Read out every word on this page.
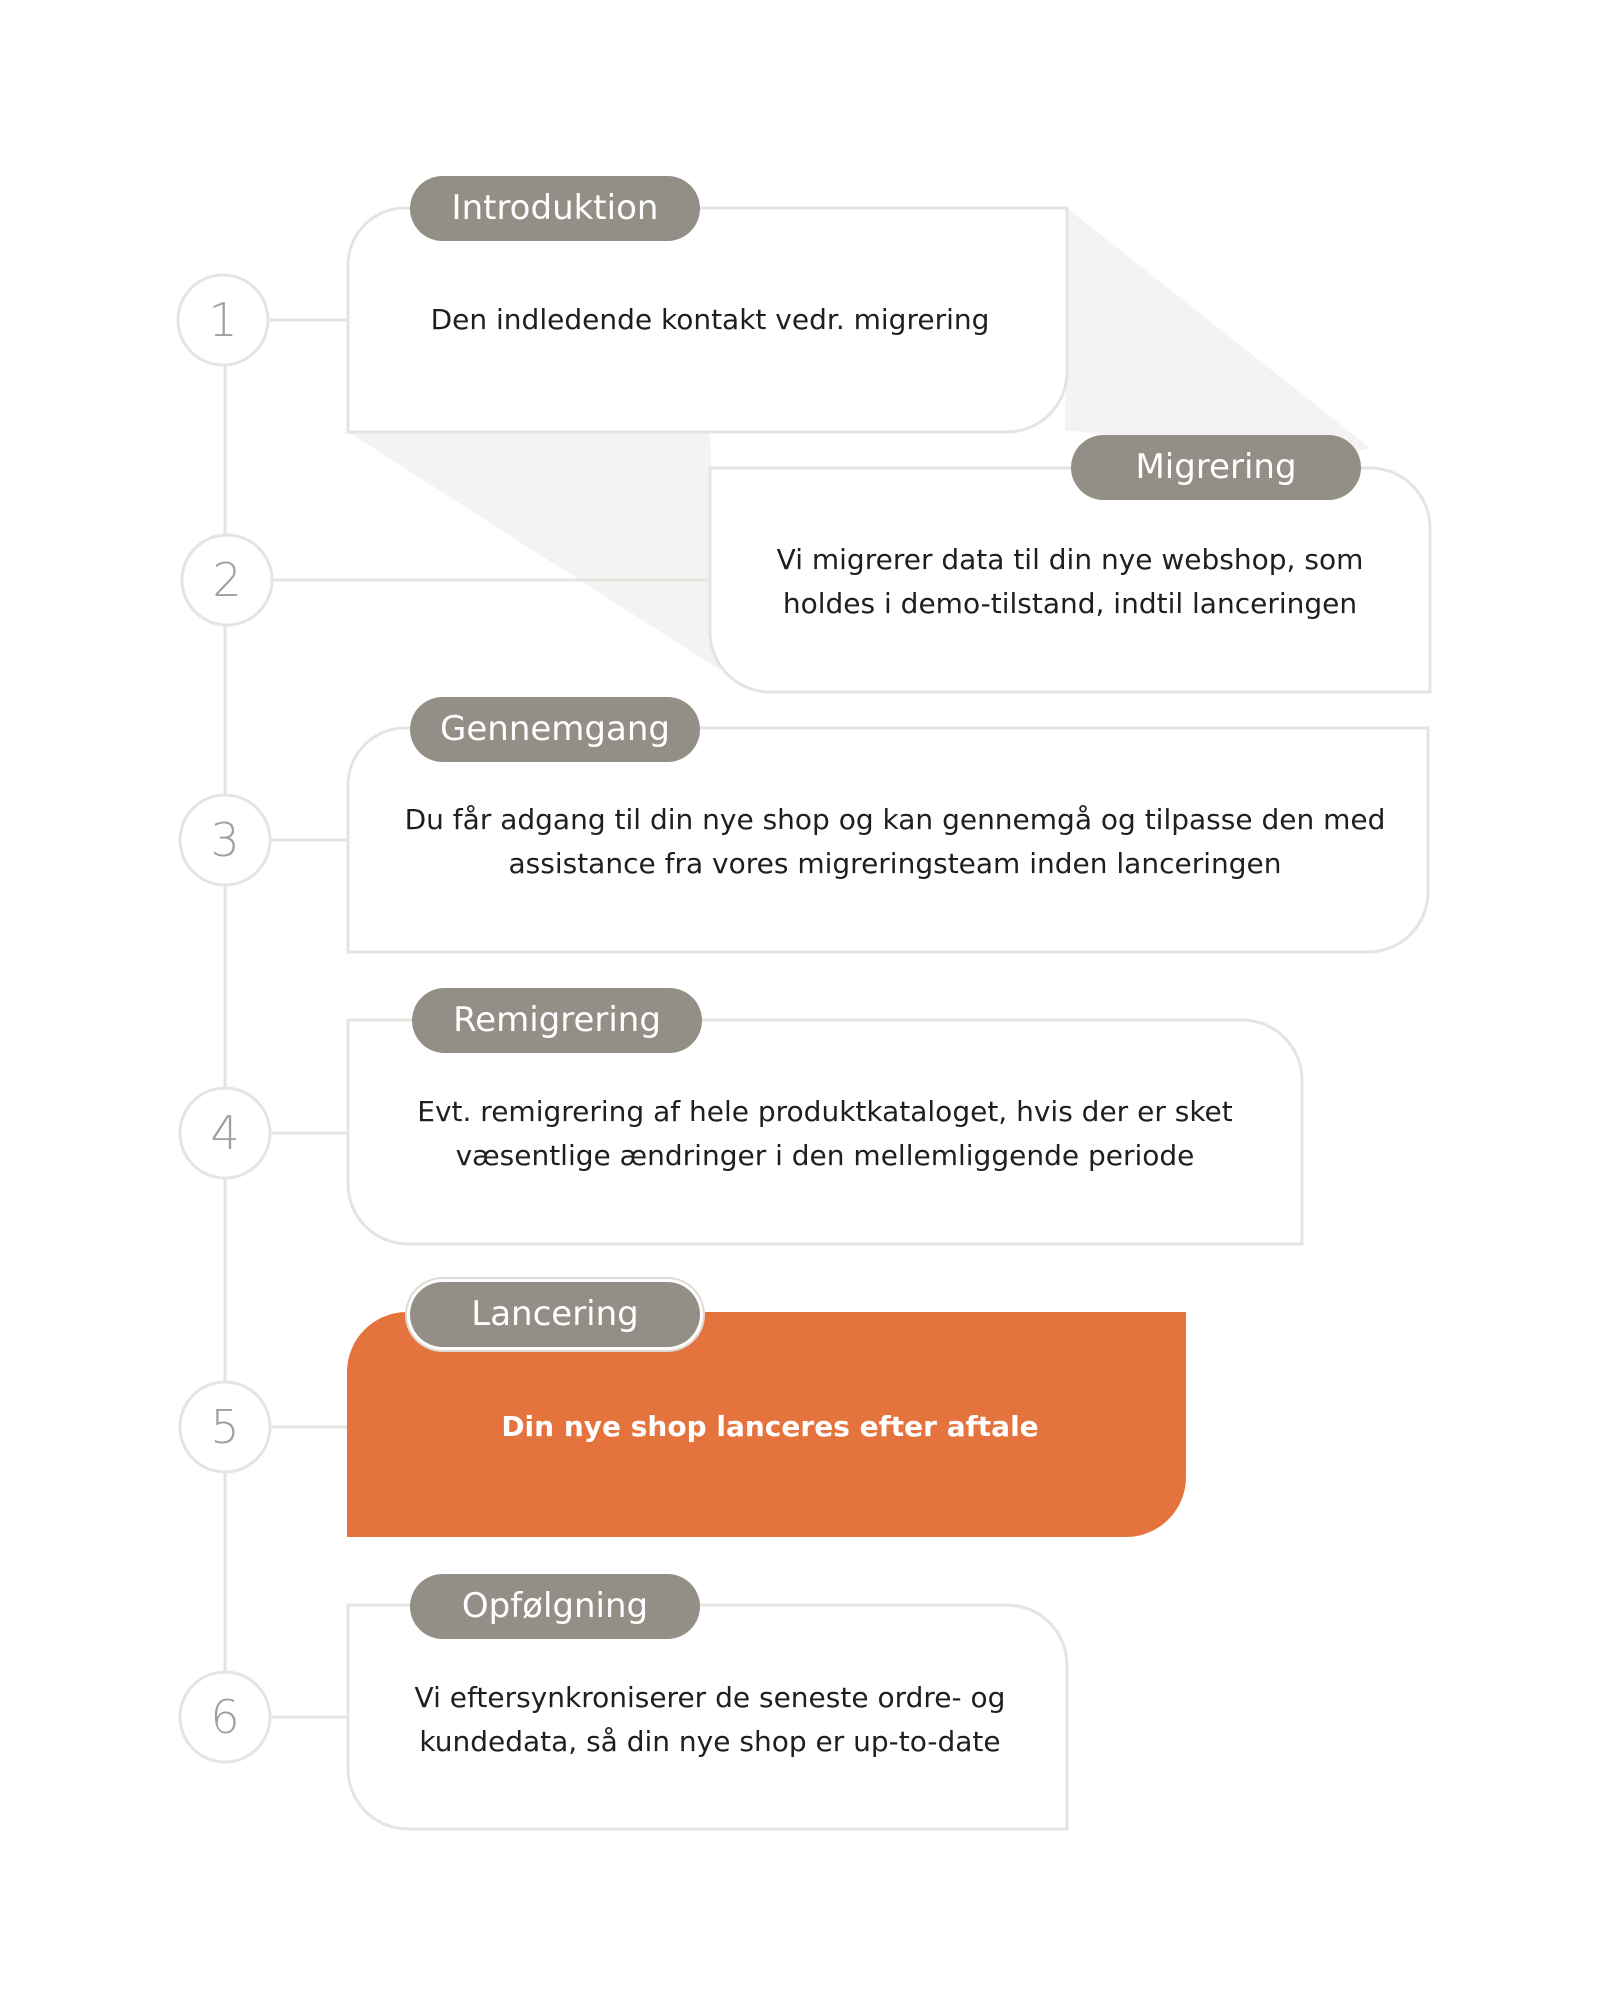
1
Introduktion
Den indledende kontakt vedr. migrering
2
Migrering
Vi migrerer data til din nye webshop, som holdes i demo-tilstand, indtil lanceringen
3
Gennemgang
Du får adgang til din nye shop og kan gennemgå og tilpasse den med assistance fra vores migreringsteam inden lanceringen
4
Remigrering
Evt. remigrering af hele produktkataloget, hvis der er sket væsentlige ændringer i den mellemliggende periode
5
Lancering
Din nye shop lanceres efter aftale
6
Opfølgning
Vi eftersynkroniserer de seneste ordre- og kundedata, så din nye shop er up-to-date
